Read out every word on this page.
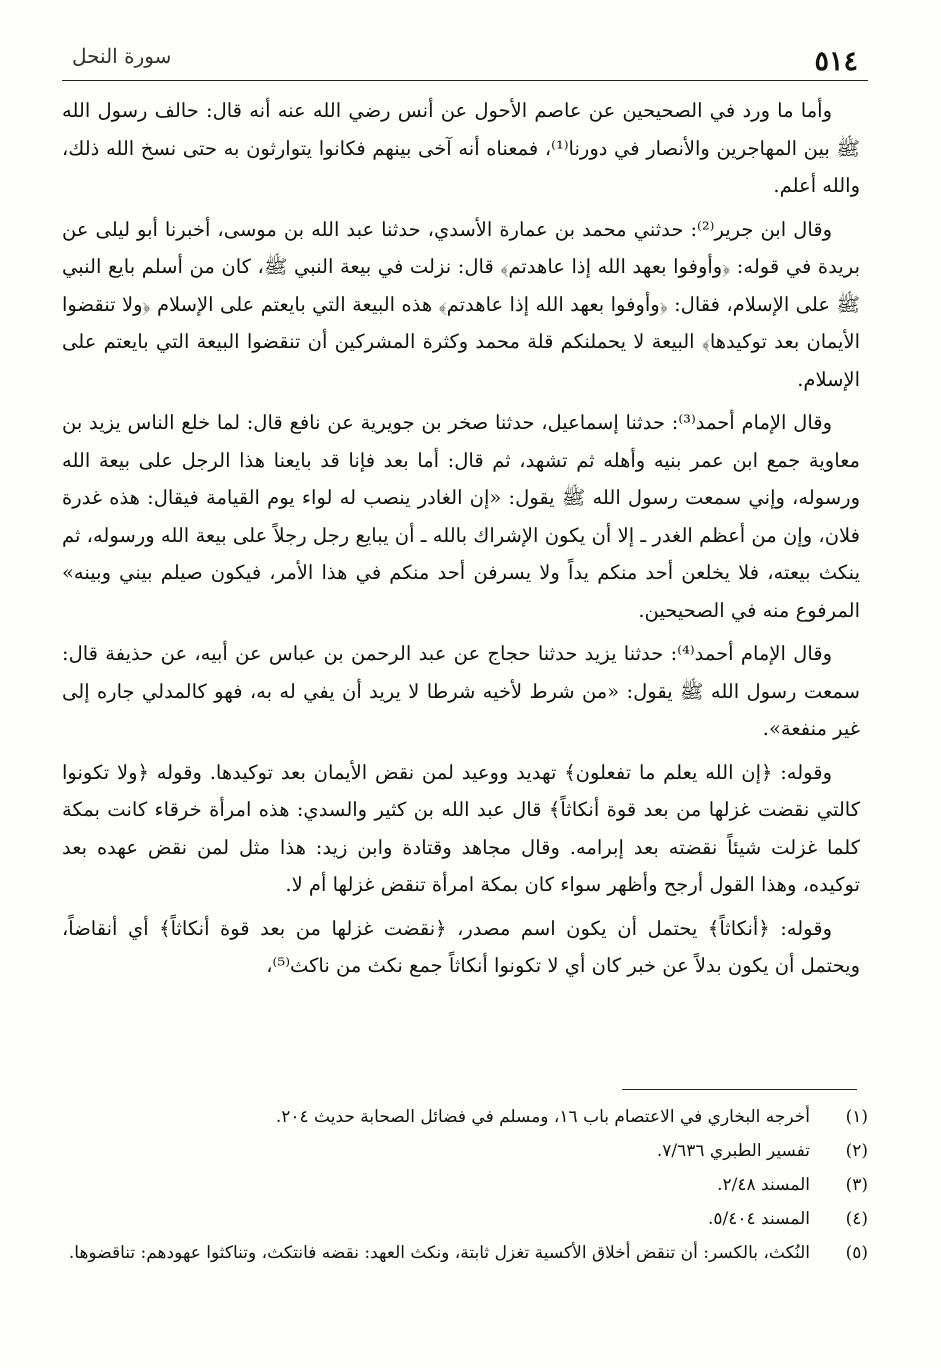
٥١٤
سورة النحل

وأما ما ورد في الصحيحين عن عاصم الأحول عن أنس رضي الله عنه أنه قال: حالف رسول الله ﷺ بين المهاجرين والأنصار في دورنا⁽¹⁾، فمعناه أنه آخى بينهم فكانوا يتوارثون به حتى نسخ الله ذلك، والله أعلم.

وقال ابن جرير⁽²⁾: حدثني محمد بن عمارة الأسدي، حدثنا عبد الله بن موسى، أخبرنا أبو ليلى عن بريدة في قوله: ﴿وأوفوا بعهد الله إذا عاهدتم﴾ قال: نزلت في بيعة النبي ﷺ، كان من أسلم بايع النبي ﷺ على الإسلام، فقال: ﴿وأوفوا بعهد الله إذا عاهدتم﴾ هذه البيعة التي بايعتم على الإسلام ﴿ولا تنقضوا الأيمان بعد توكيدها﴾ البيعة لا يحملنكم قلة محمد وكثرة المشركين أن تنقضوا البيعة التي بايعتم على الإسلام.

وقال الإمام أحمد⁽³⁾: حدثنا إسماعيل، حدثنا صخر بن جويرية عن نافع قال: لما خلع الناس يزيد بن معاوية جمع ابن عمر بنيه وأهله ثم تشهد، ثم قال: أما بعد فإنا قد بايعنا هذا الرجل على بيعة الله ورسوله، وإني سمعت رسول الله ﷺ يقول: «إن الغادر ينصب له لواء يوم القيامة فيقال: هذه غدرة فلان، وإن من أعظم الغدر ـ إلا أن يكون الإشراك بالله ـ أن يبايع رجل رجلاً على بيعة الله ورسوله، ثم ينكث بيعته، فلا يخلعن أحد منكم يداً ولا يسرفن أحد منكم في هذا الأمر، فيكون صيلم بيني وبينه» المرفوع منه في الصحيحين.

وقال الإمام أحمد⁽⁴⁾: حدثنا يزيد حدثنا حجاج عن عبد الرحمن بن عباس عن أبيه، عن حذيفة قال: سمعت رسول الله ﷺ يقول: «من شرط لأخيه شرطا لا يريد أن يفي له به، فهو كالمدلي جاره إلى غير منفعة».

وقوله: ﴿إن الله يعلم ما تفعلون﴾ تهديد ووعيد لمن نقض الأيمان بعد توكيدها. وقوله ﴿ولا تكونوا كالتي نقضت غزلها من بعد قوة أنكاثاً﴾ قال عبد الله بن كثير والسدي: هذه امرأة خرقاء كانت بمكة كلما غزلت شيئاً نقضته بعد إبرامه. وقال مجاهد وقتادة وابن زيد: هذا مثل لمن نقض عهده بعد توكيده، وهذا القول أرجح وأظهر سواء كان بمكة امرأة تنقض غزلها أم لا.

وقوله: ﴿أنكاثاً﴾ يحتمل أن يكون اسم مصدر، ﴿نقضت غزلها من بعد قوة أنكاثاً﴾ أي أنقاضاً، ويحتمل أن يكون بدلاً عن خبر كان أي لا تكونوا أنكاثاً جمع نكث من ناكث⁽⁵⁾،

(١)
أخرجه البخاري في الاعتصام باب ١٦، ومسلم في فضائل الصحابة حديث ٢٠٤.
(٢)
تفسير الطبري ٧/٦٣٦.
(٣)
المسند ٢/٤٨.
(٤)
المسند ٥/٤٠٤.
(٥)
النُكث، بالكسر: أن تنقض أخلاق الأكسية تغزل ثابتة، ونكث العهد: نقضه فانتكث، وتناكثوا عهودهم: تناقضوها.
